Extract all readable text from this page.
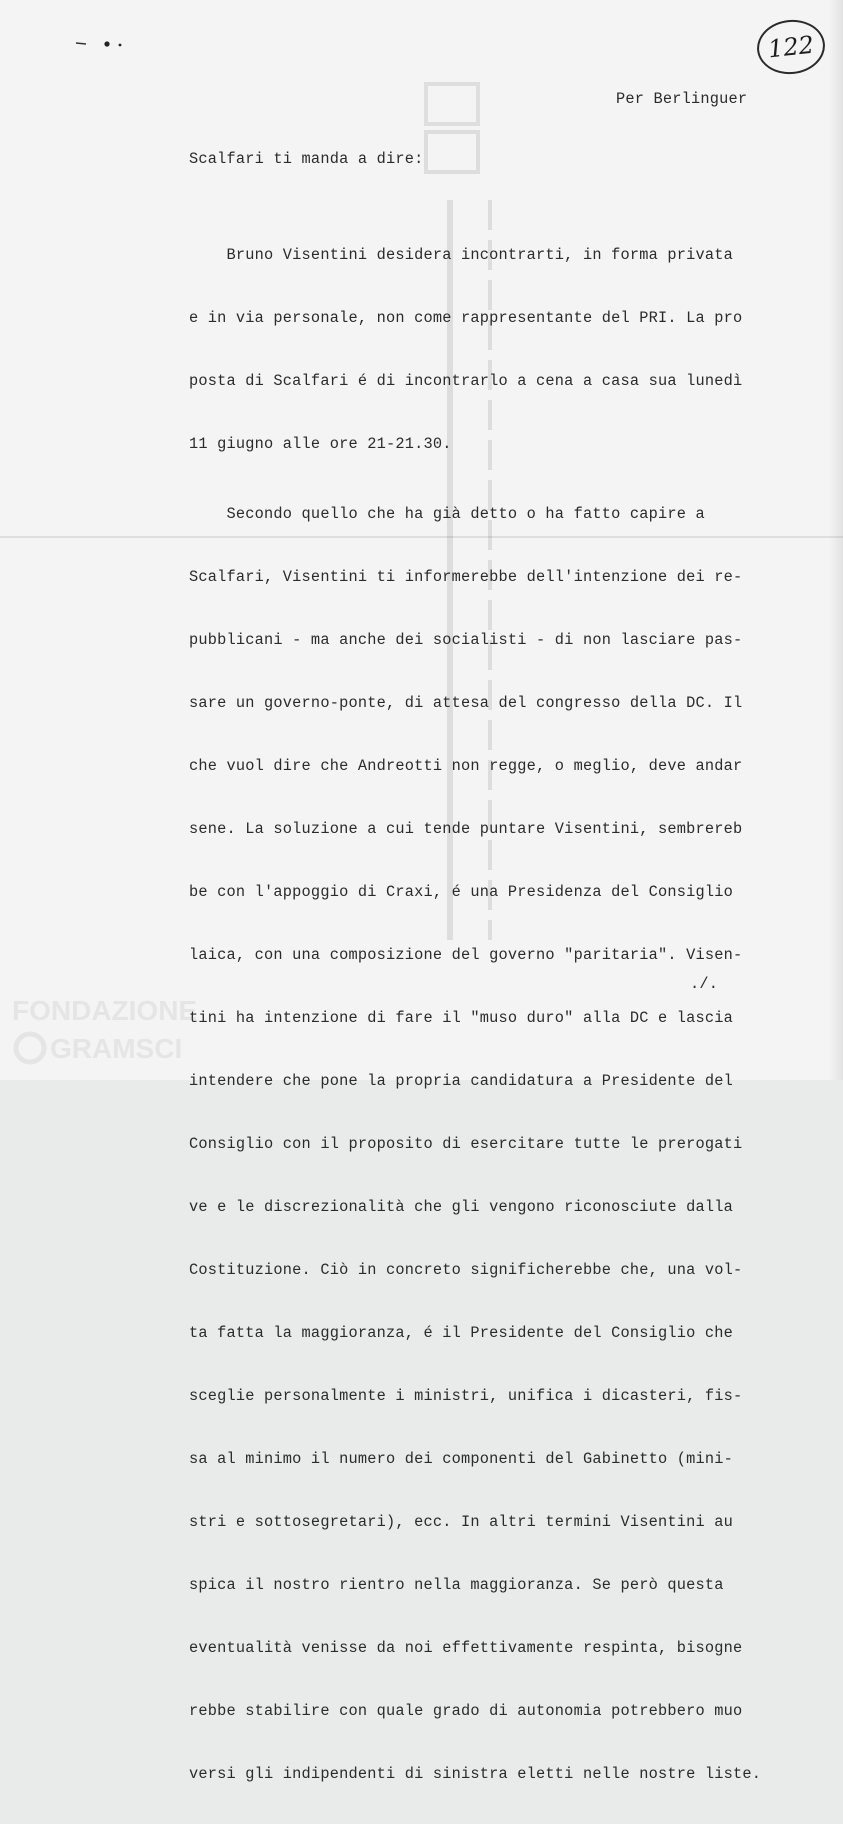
122
Per Berlinguer
Scalfari ti manda a dire:

Bruno Visentini desidera incontrarti, in forma privata

e in via personale, non come rappresentante del PRI. La pro

posta di Scalfari é di incontrarlo a cena a casa sua lunedì

11 giugno alle ore 21-21.30.

Secondo quello che ha già detto o ha fatto capire a

Scalfari, Visentini ti informerebbe dell'intenzione dei re-

pubblicani - ma anche dei socialisti - di non lasciare pas-

sare un governo-ponte, di attesa del congresso della DC. Il

che vuol dire che Andreotti non regge, o meglio, deve andar

sene. La soluzione a cui tende puntare Visentini, sembrereb

be con l'appoggio di Craxi, é una Presidenza del Consiglio

laica, con una composizione del governo "paritaria". Visen-

tini ha intenzione di fare il "muso duro" alla DC e lascia

intendere che pone la propria candidatura a Presidente del

Consiglio con il proposito di esercitare tutte le prerogati

ve e le discrezionalità che gli vengono riconosciute dalla

Costituzione. Ciò in concreto significherebbe che, una vol-

ta fatta la maggioranza, é il Presidente del Consiglio che

sceglie personalmente i ministri, unifica i dicasteri, fis-

sa al minimo il numero dei componenti del Gabinetto (mini-

stri e sottosegretari), ecc. In altri termini Visentini au

spica il nostro rientro nella maggioranza. Se però questa

eventualità venisse da noi effettivamente respinta, bisogne

rebbe stabilire con quale grado di autonomia potrebbero muo

versi gli indipendenti di sinistra eletti nelle nostre liste.

./.
FONDAZIONE
GRAMSCI
